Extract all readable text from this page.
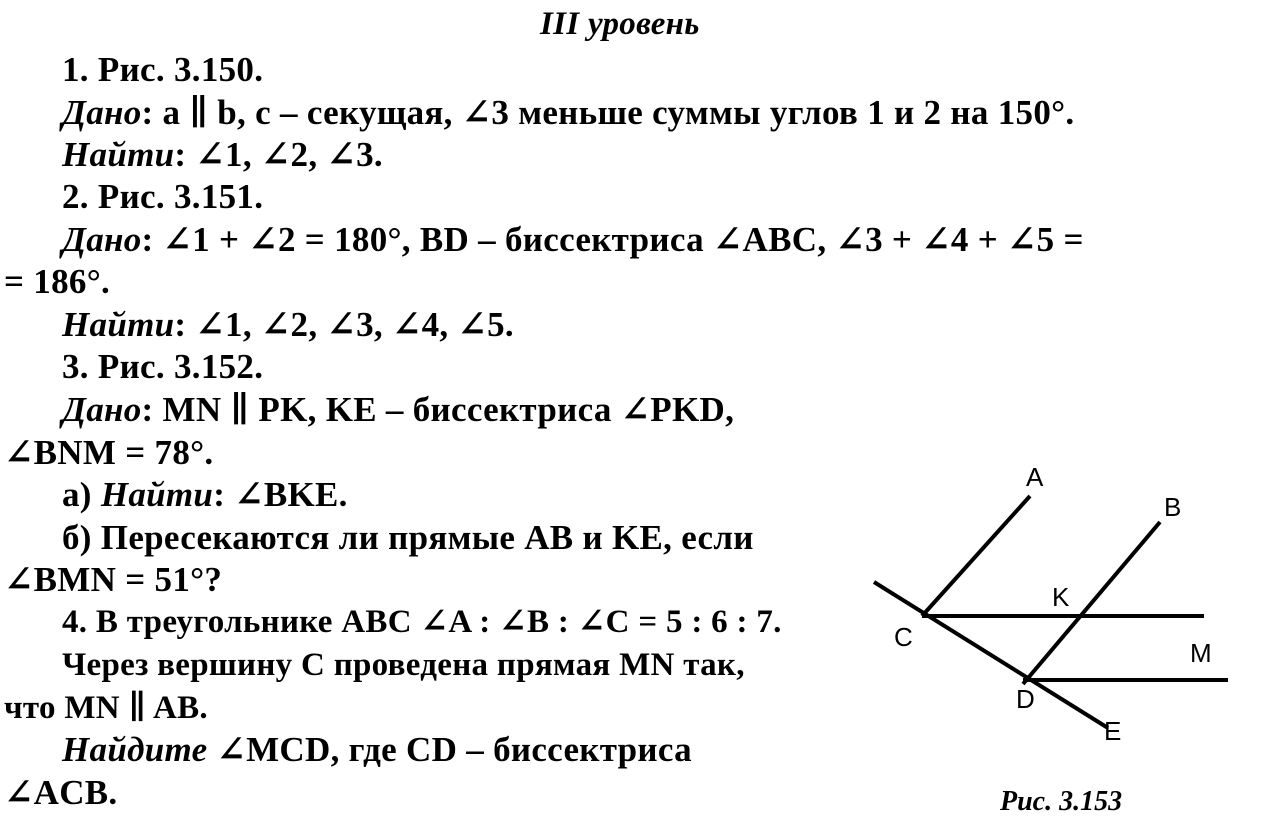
III уровень
1. Рис. 3.150.
Дано: a ∥ b, c – секущая, ∠3 меньше суммы углов 1 и 2 на 150°.
Найти: ∠1, ∠2, ∠3.
2. Рис. 3.151.
Дано: ∠1 + ∠2 = 180°, BD – биссектриса ∠ABC, ∠3 + ∠4 + ∠5 =
= 186°.
Найти: ∠1, ∠2, ∠3, ∠4, ∠5.
3. Рис. 3.152.
Дано: MN ∥ PK, KE – биссектриса ∠PKD,
∠BNM = 78°.
а) Найти: ∠BKE.
б) Пересекаются ли прямые AB и KE, если
∠BMN = 51°?
4. В треугольнике ABC ∠A : ∠B : ∠C = 5 : 6 : 7.
Через вершину C проведена прямая MN так,
что MN ∥ AB.
Найдите ∠MCD, где CD – биссектриса
∠ACB.
A
B
K
C
M
D
E
Рис. 3.153
